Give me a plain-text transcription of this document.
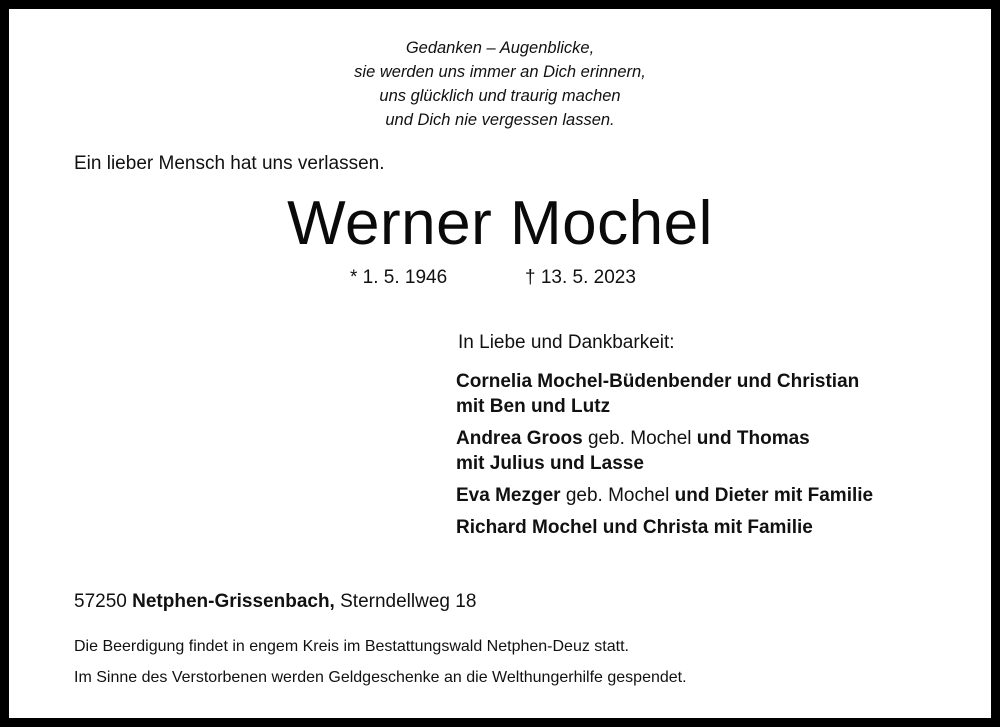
Gedanken – Augenblicke,
sie werden uns immer an Dich erinnern,
uns glücklich und traurig machen
und Dich nie vergessen lassen.
Ein lieber Mensch hat uns verlassen.
Werner Mochel
* 1. 5. 1946	† 13. 5. 2023
In Liebe und Dankbarkeit:
Cornelia Mochel-Büdenbender und Christian
mit Ben und Lutz
Andrea Groos geb. Mochel und Thomas
mit Julius und Lasse
Eva Mezger geb. Mochel und Dieter mit Familie
Richard Mochel und Christa mit Familie
57250 Netphen-Grissenbach, Sterndellweg 18
Die Beerdigung findet in engem Kreis im Bestattungswald Netphen-Deuz statt.
Im Sinne des Verstorbenen werden Geldgeschenke an die Welthungerhilfe gespendet.
